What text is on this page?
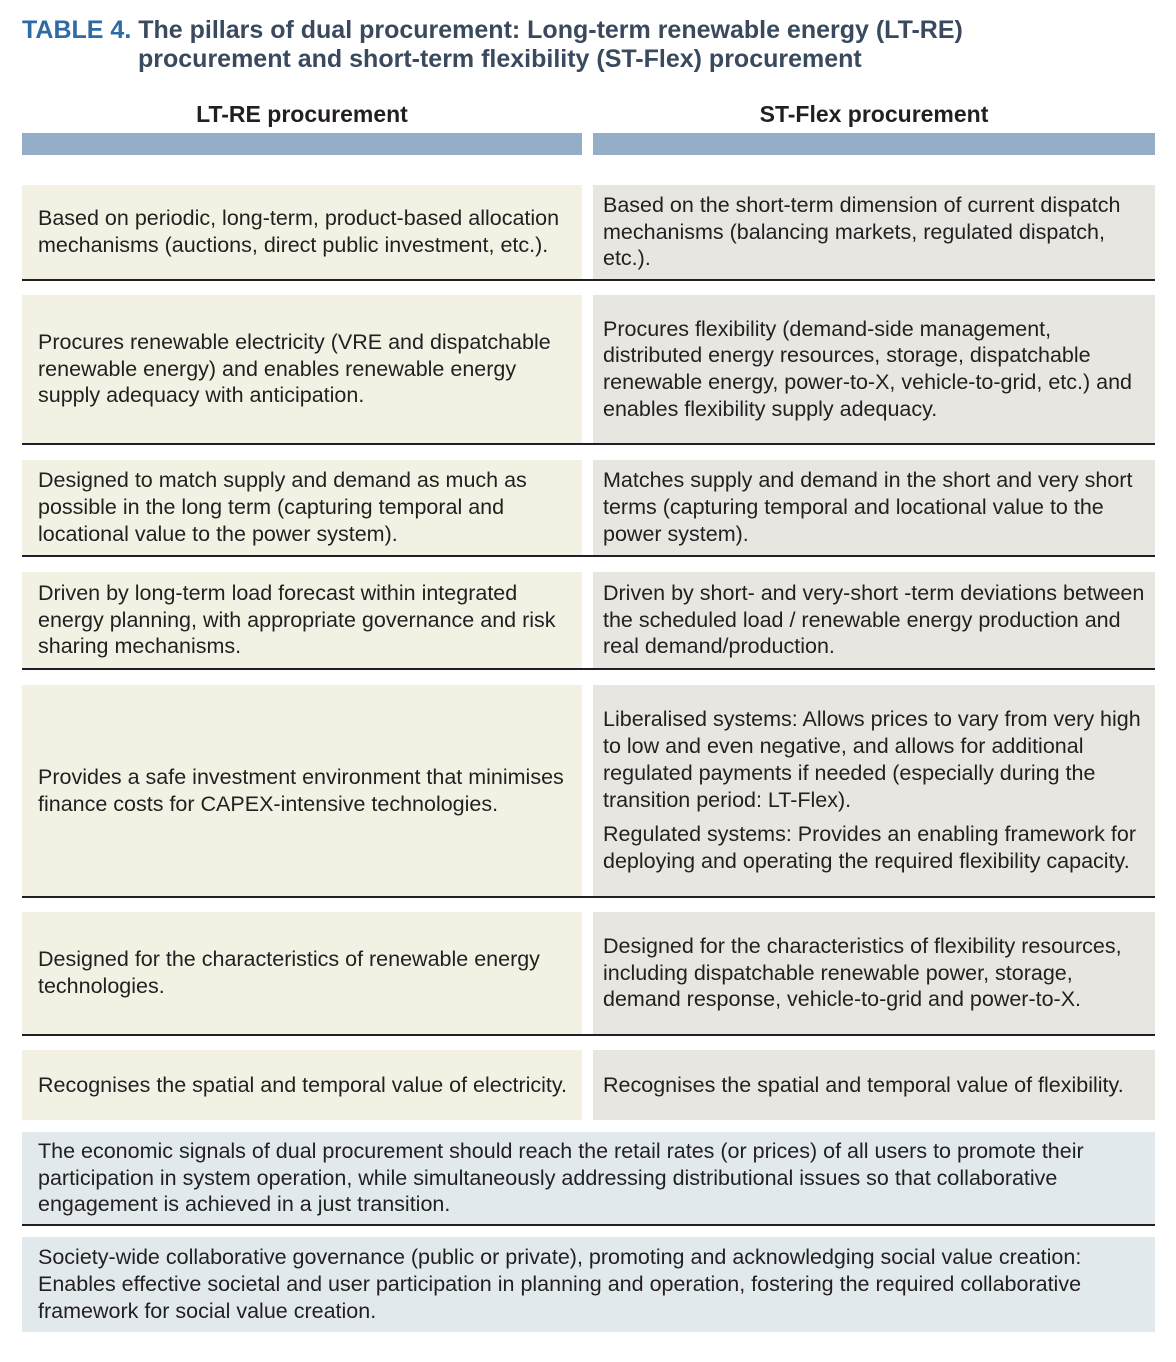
TABLE 4. The pillars of dual procurement: Long-term renewable energy (LT-RE)
procurement and short-term flexibility (ST-Flex) procurement
LT-RE procurement	ST-Flex procurement

Based on periodic, long-term, product-based allocation mechanisms (auctions, direct public investment, etc.).

Based on the short-term dimension of current dispatch mechanisms (balancing markets, regulated dispatch, etc.).

Procures renewable electricity (VRE and dispatchable renewable energy) and enables renewable energy supply adequacy with anticipation.

Procures flexibility (demand-side management, distributed energy resources, storage, dispatchable renewable energy, power-to-X, vehicle-to-grid, etc.) and enables flexibility supply adequacy.

Designed to match supply and demand as much as possible in the long term (capturing temporal and locational value to the power system).

Matches supply and demand in the short and very short terms (capturing temporal and locational value to the power system).

Driven by long-term load forecast within integrated energy planning, with appropriate governance and risk sharing mechanisms.

Driven by short- and very-short -term deviations between the scheduled load / renewable energy production and real demand/production.

Provides a safe investment environment that minimises finance costs for CAPEX-intensive technologies.

Liberalised systems: Allows prices to vary from very high to low and even negative, and allows for additional regulated payments if needed (especially during the transition period: LT-Flex).

Regulated systems: Provides an enabling framework for deploying and operating the required flexibility capacity.

Designed for the characteristics of renewable energy technologies.

Designed for the characteristics of flexibility resources, including dispatchable renewable power, storage, demand response, vehicle-to-grid and power-to-X.

Recognises the spatial and temporal value of electricity. Recognises the spatial and temporal value of flexibility.

The economic signals of dual procurement should reach the retail rates (or prices) of all users to promote their participation in system operation, while simultaneously addressing distributional issues so that collaborative engagement is achieved in a just transition.
Society-wide collaborative governance (public or private), promoting and acknowledging social value creation: Enables effective societal and user participation in planning and operation, fostering the required collaborative framework for social value creation.
